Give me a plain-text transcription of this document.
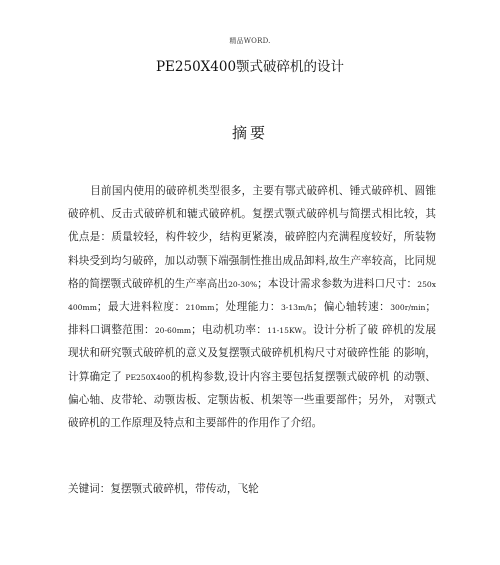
精品WORD.
PE250X400颚式破碎机的设计
摘要
目前国内使用的破碎机类型很多，主要有鄂式破碎机、锤式破碎机、圆锥破碎机、反击式破碎机和辘式破碎机。复摆式颚式破碎机与简摆式相比较，其优点是：质量较轻，构件较少，结构更紧凑，破碎腔内充满程度较好，所装物料块受到均匀破碎，加以动颚下端强制性推出成品卸料,故生产率较高，比同规格的简摆颚式破碎机的生产率高出20-30%；本设计需求参数为进料口尺寸：250x 400mm；最大进料粒度：210mm；处理能力：3-13m/h；偏心轴转速：300r/min；排料口调整范围：20-60mm；电动机功率：11-15KW。设计分析了破 碎机的发展现状和研究颚式破碎机的意义及复摆颚式破碎机机构尺寸对破碎性能 的影响，计算确定了 PE250X400的机构参数,设计内容主要包括复摆颚式破碎机 的动颚、偏心轴、皮带轮、动颚齿板、定颚齿板、机架等一些重要部件；另外， 对颚式破碎机的工作原理及特点和主要部件的作用作了介绍。
关键词：复摆颚式破碎机，带传动，飞轮
